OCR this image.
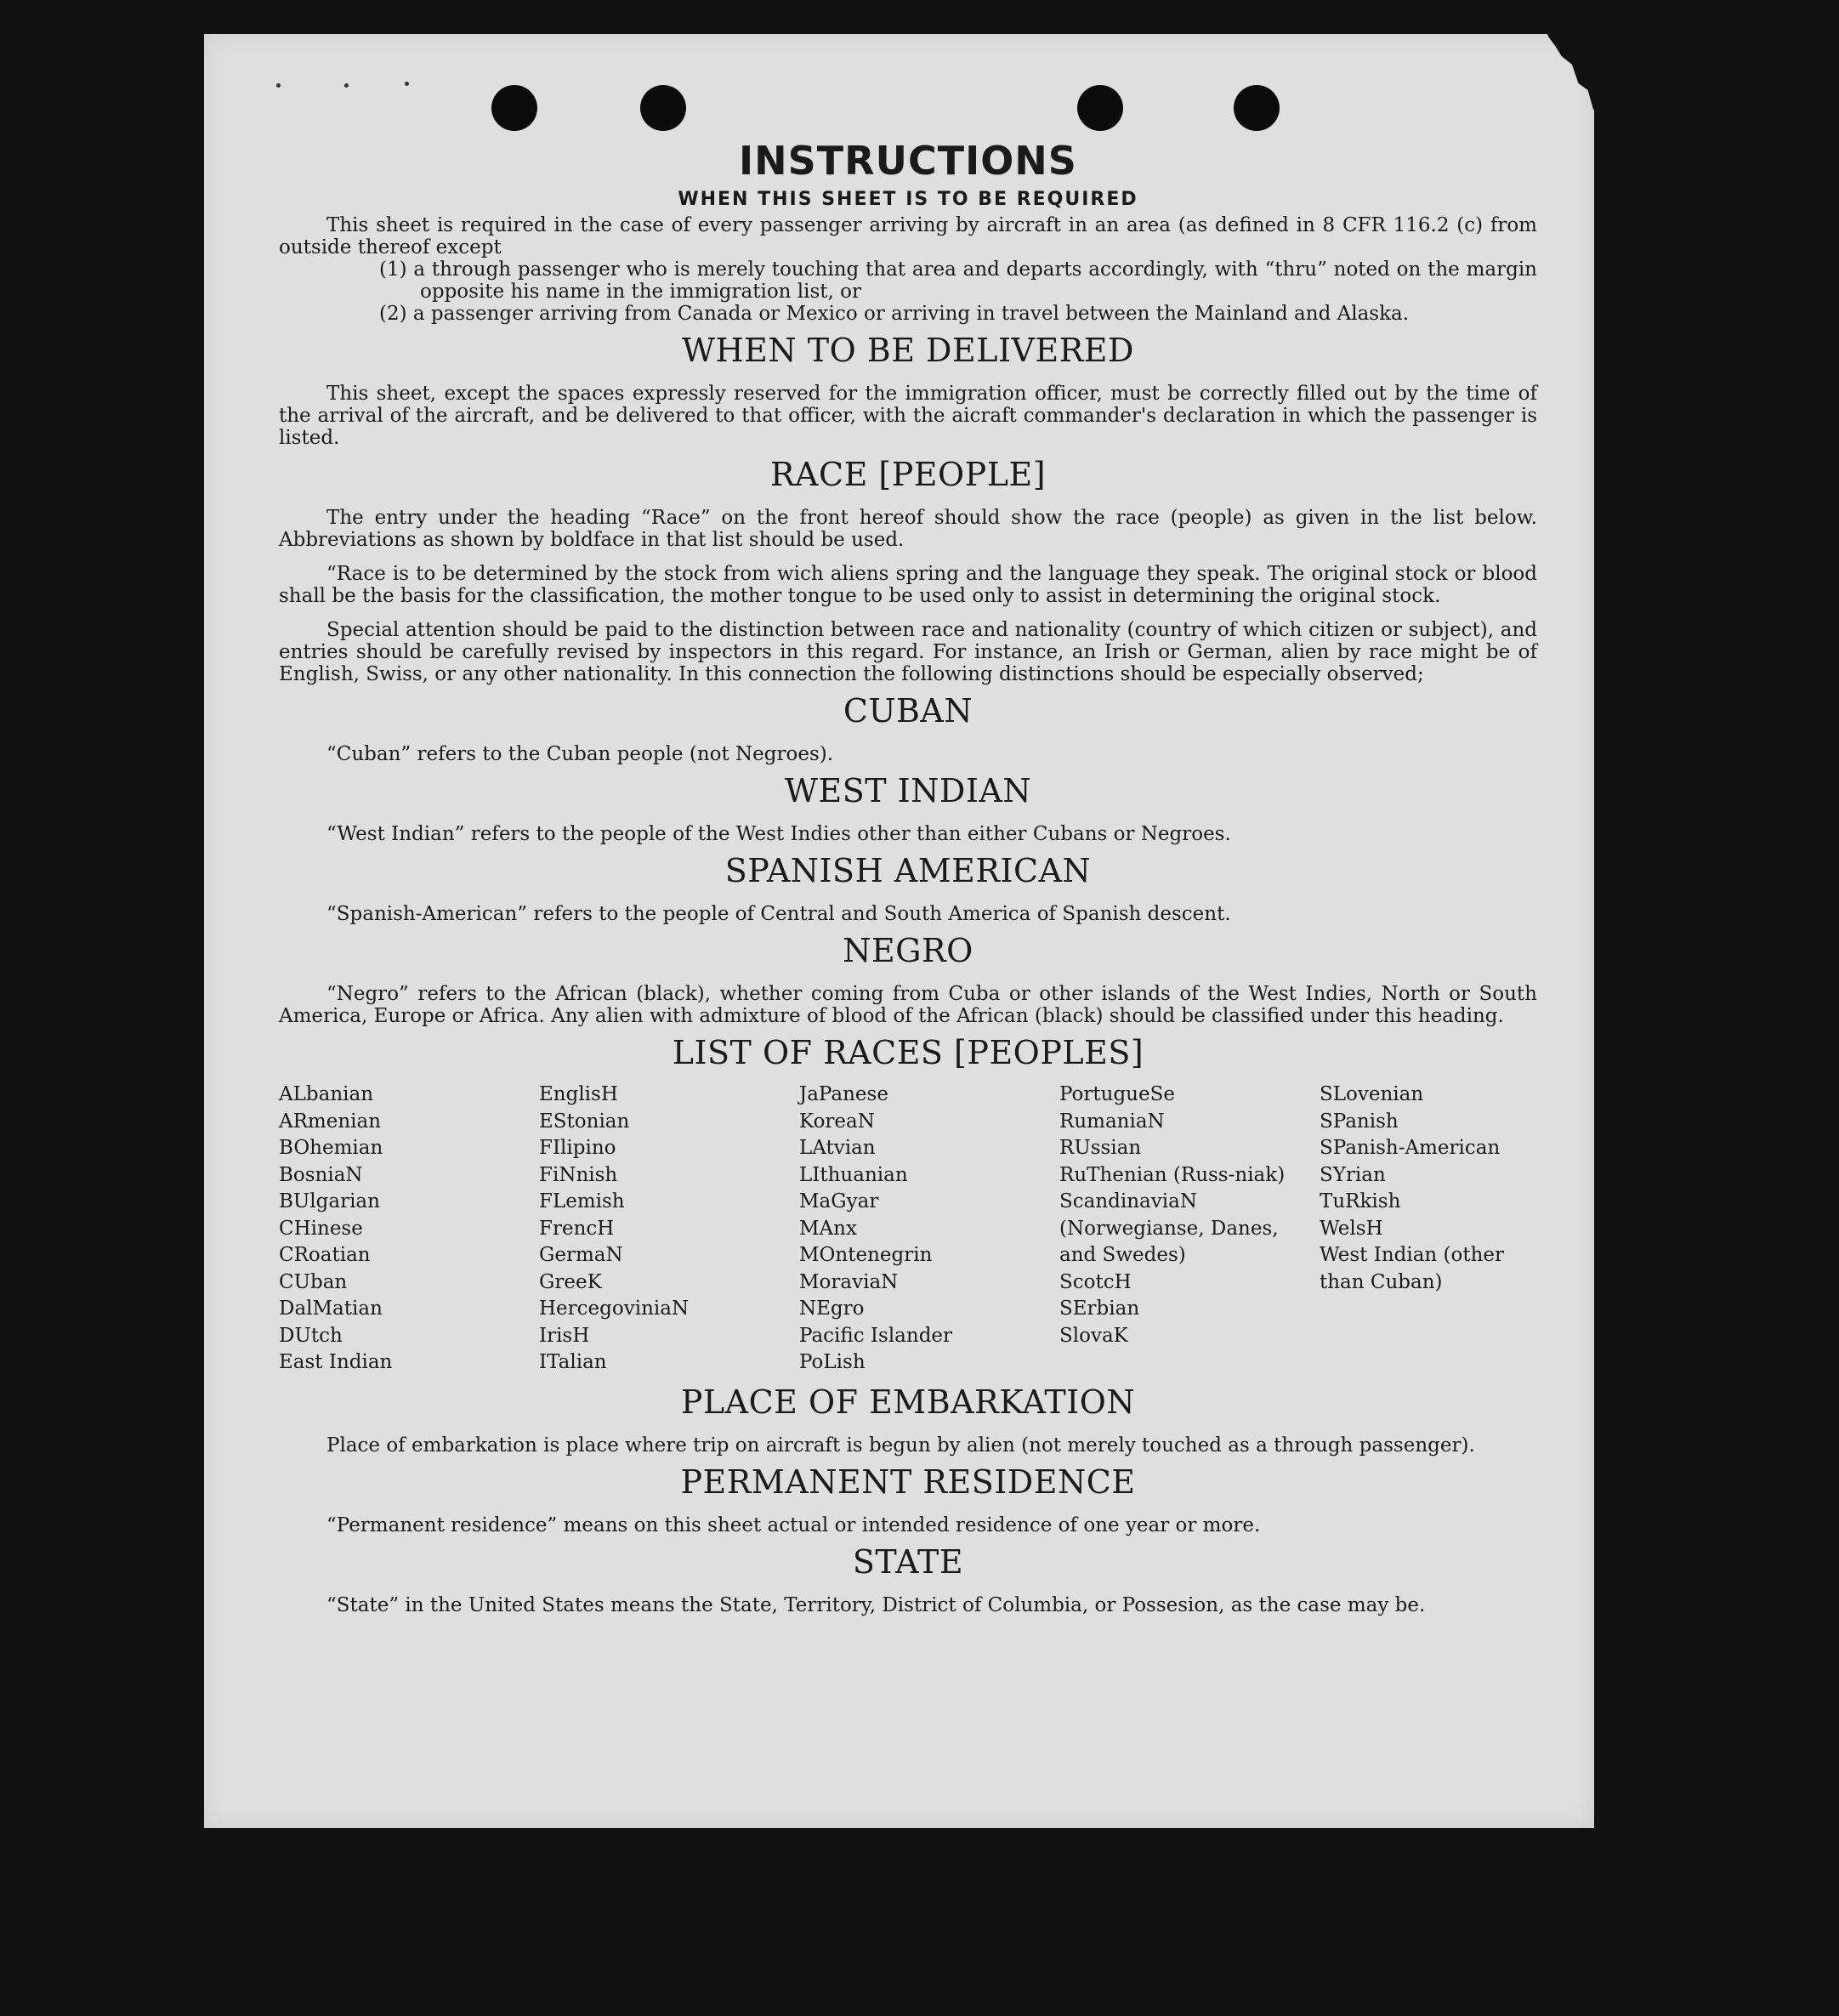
INSTRUCTIONS
WHEN THIS SHEET IS TO BE REQUIRED

This sheet is required in the case of every passenger arriving by aircraft in an area (as defined in 8 CFR 116.2 (c) from outside thereof except

(1) a through passenger who is merely touching that area and departs accordingly, with “thru” noted on the margin opposite his name in the immigration list, or
(2) a passenger arriving from Canada or Mexico or arriving in travel between the Mainland and Alaska.
WHEN TO BE DELIVERED

This sheet, except the spaces expressly reserved for the immigration officer, must be correctly filled out by the time of the arrival of the aircraft, and be delivered to that officer, with the aicraft commander's declaration in which the passenger is listed.

RACE [PEOPLE]

The entry under the heading “Race” on the front hereof should show the race (people) as given in the list below. Abbreviations as shown by boldface in that list should be used.

“Race is to be determined by the stock from wich aliens spring and the language they speak. The original stock or blood shall be the basis for the classification, the mother tongue to be used only to assist in determining the original stock.

Special attention should be paid to the distinction between race and nationality (country of which citizen or subject), and entries should be carefully revised by inspectors in this regard. For instance, an Irish or German, alien by race might be of English, Swiss, or any other nationality. In this connection the following distinctions should be especially observed;

CUBAN

“Cuban” refers to the Cuban people (not Negroes).

WEST INDIAN

“West Indian” refers to the people of the West Indies other than either Cubans or Negroes.

SPANISH AMERICAN

“Spanish-American” refers to the people of Central and South America of Spanish descent.

NEGRO

“Negro” refers to the African (black), whether coming from Cuba or other islands of the West Indies, North or South America, Europe or Africa. Any alien with admixture of blood of the African (black) should be classified under this heading.

LIST OF RACES [PEOPLES]
ALbanian
ARmenian
BOhemian
BosniaN
BUlgarian
CHinese
CRoatian
CUban
DalMatian
DUtch
East Indian
EnglisH
EStonian
FIlipino
FiNnish
FLemish
FrencH
GermaN
GreeK
HercegoviniaN
IrisH
ITalian
JaPanese
KoreaN
LAtvian
LIthuanian
MaGyar
MAnx
MOntenegrin
MoraviaN
NEgro
Pacific Islander
PoLish
PortugueSe
RumaniaN
RUssian
RuThenian (Russ-niak)
ScandinaviaN (Norwegianse, Danes, and Swedes)
ScotcH
SErbian
SlovaK
SLovenian
SPanish
SPanish-American
SYrian
TuRkish
WelsH
West Indian (other than Cuban)
PLACE OF EMBARKATION

Place of embarkation is place where trip on aircraft is begun by alien (not merely touched as a through passenger).

PERMANENT RESIDENCE

“Permanent residence” means on this sheet actual or intended residence of one year or more.

STATE

“State” in the United States means the State, Territory, District of Columbia, or Possesion, as the case may be.
